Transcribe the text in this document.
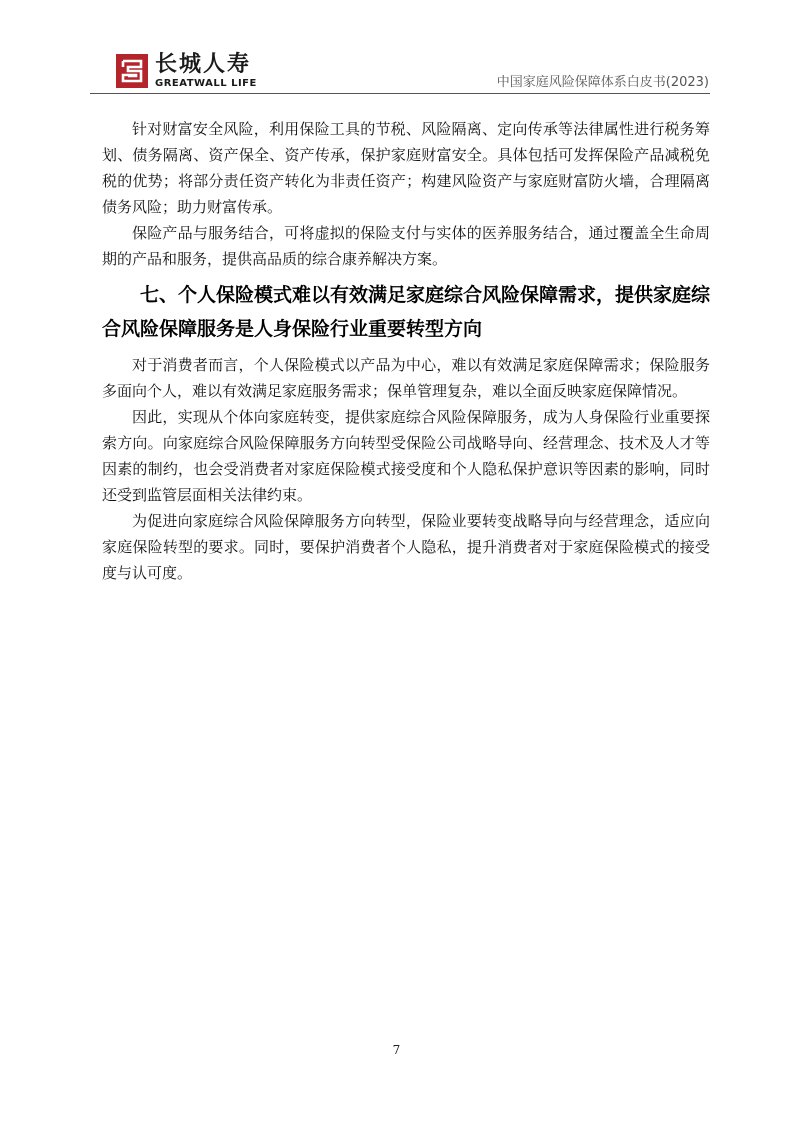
长城人寿
GREATWALL LIFE	中国家庭风险保障体系白皮书(2023)

针对财富安全风险，利用保险工具的节税、风险隔离、定向传承等法律属性进行税务筹划、债务隔离、资产保全、资产传承，保护家庭财富安全。具体包括可发挥保险产品减税免税的优势；将部分责任资产转化为非责任资产；构建风险资产与家庭财富防火墙，合理隔离债务风险；助力财富传承。

保险产品与服务结合，可将虚拟的保险支付与实体的医养服务结合，通过覆盖全生命周期的产品和服务，提供高品质的综合康养解决方案。

七、个人保险模式难以有效满足家庭综合风险保障需求，提供家庭综合风险保障服务是人身保险行业重要转型方向

对于消费者而言，个人保险模式以产品为中心，难以有效满足家庭保障需求；保险服务多面向个人，难以有效满足家庭服务需求；保单管理复杂，难以全面反映家庭保障情况。

因此，实现从个体向家庭转变，提供家庭综合风险保障服务，成为人身保险行业重要探索方向。向家庭综合风险保障服务方向转型受保险公司战略导向、经营理念、技术及人才等因素的制约，也会受消费者对家庭保险模式接受度和个人隐私保护意识等因素的影响，同时还受到监管层面相关法律约束。

为促进向家庭综合风险保障服务方向转型，保险业要转变战略导向与经营理念，适应向家庭保险转型的要求。同时，要保护消费者个人隐私，提升消费者对于家庭保险模式的接受度与认可度。

7
